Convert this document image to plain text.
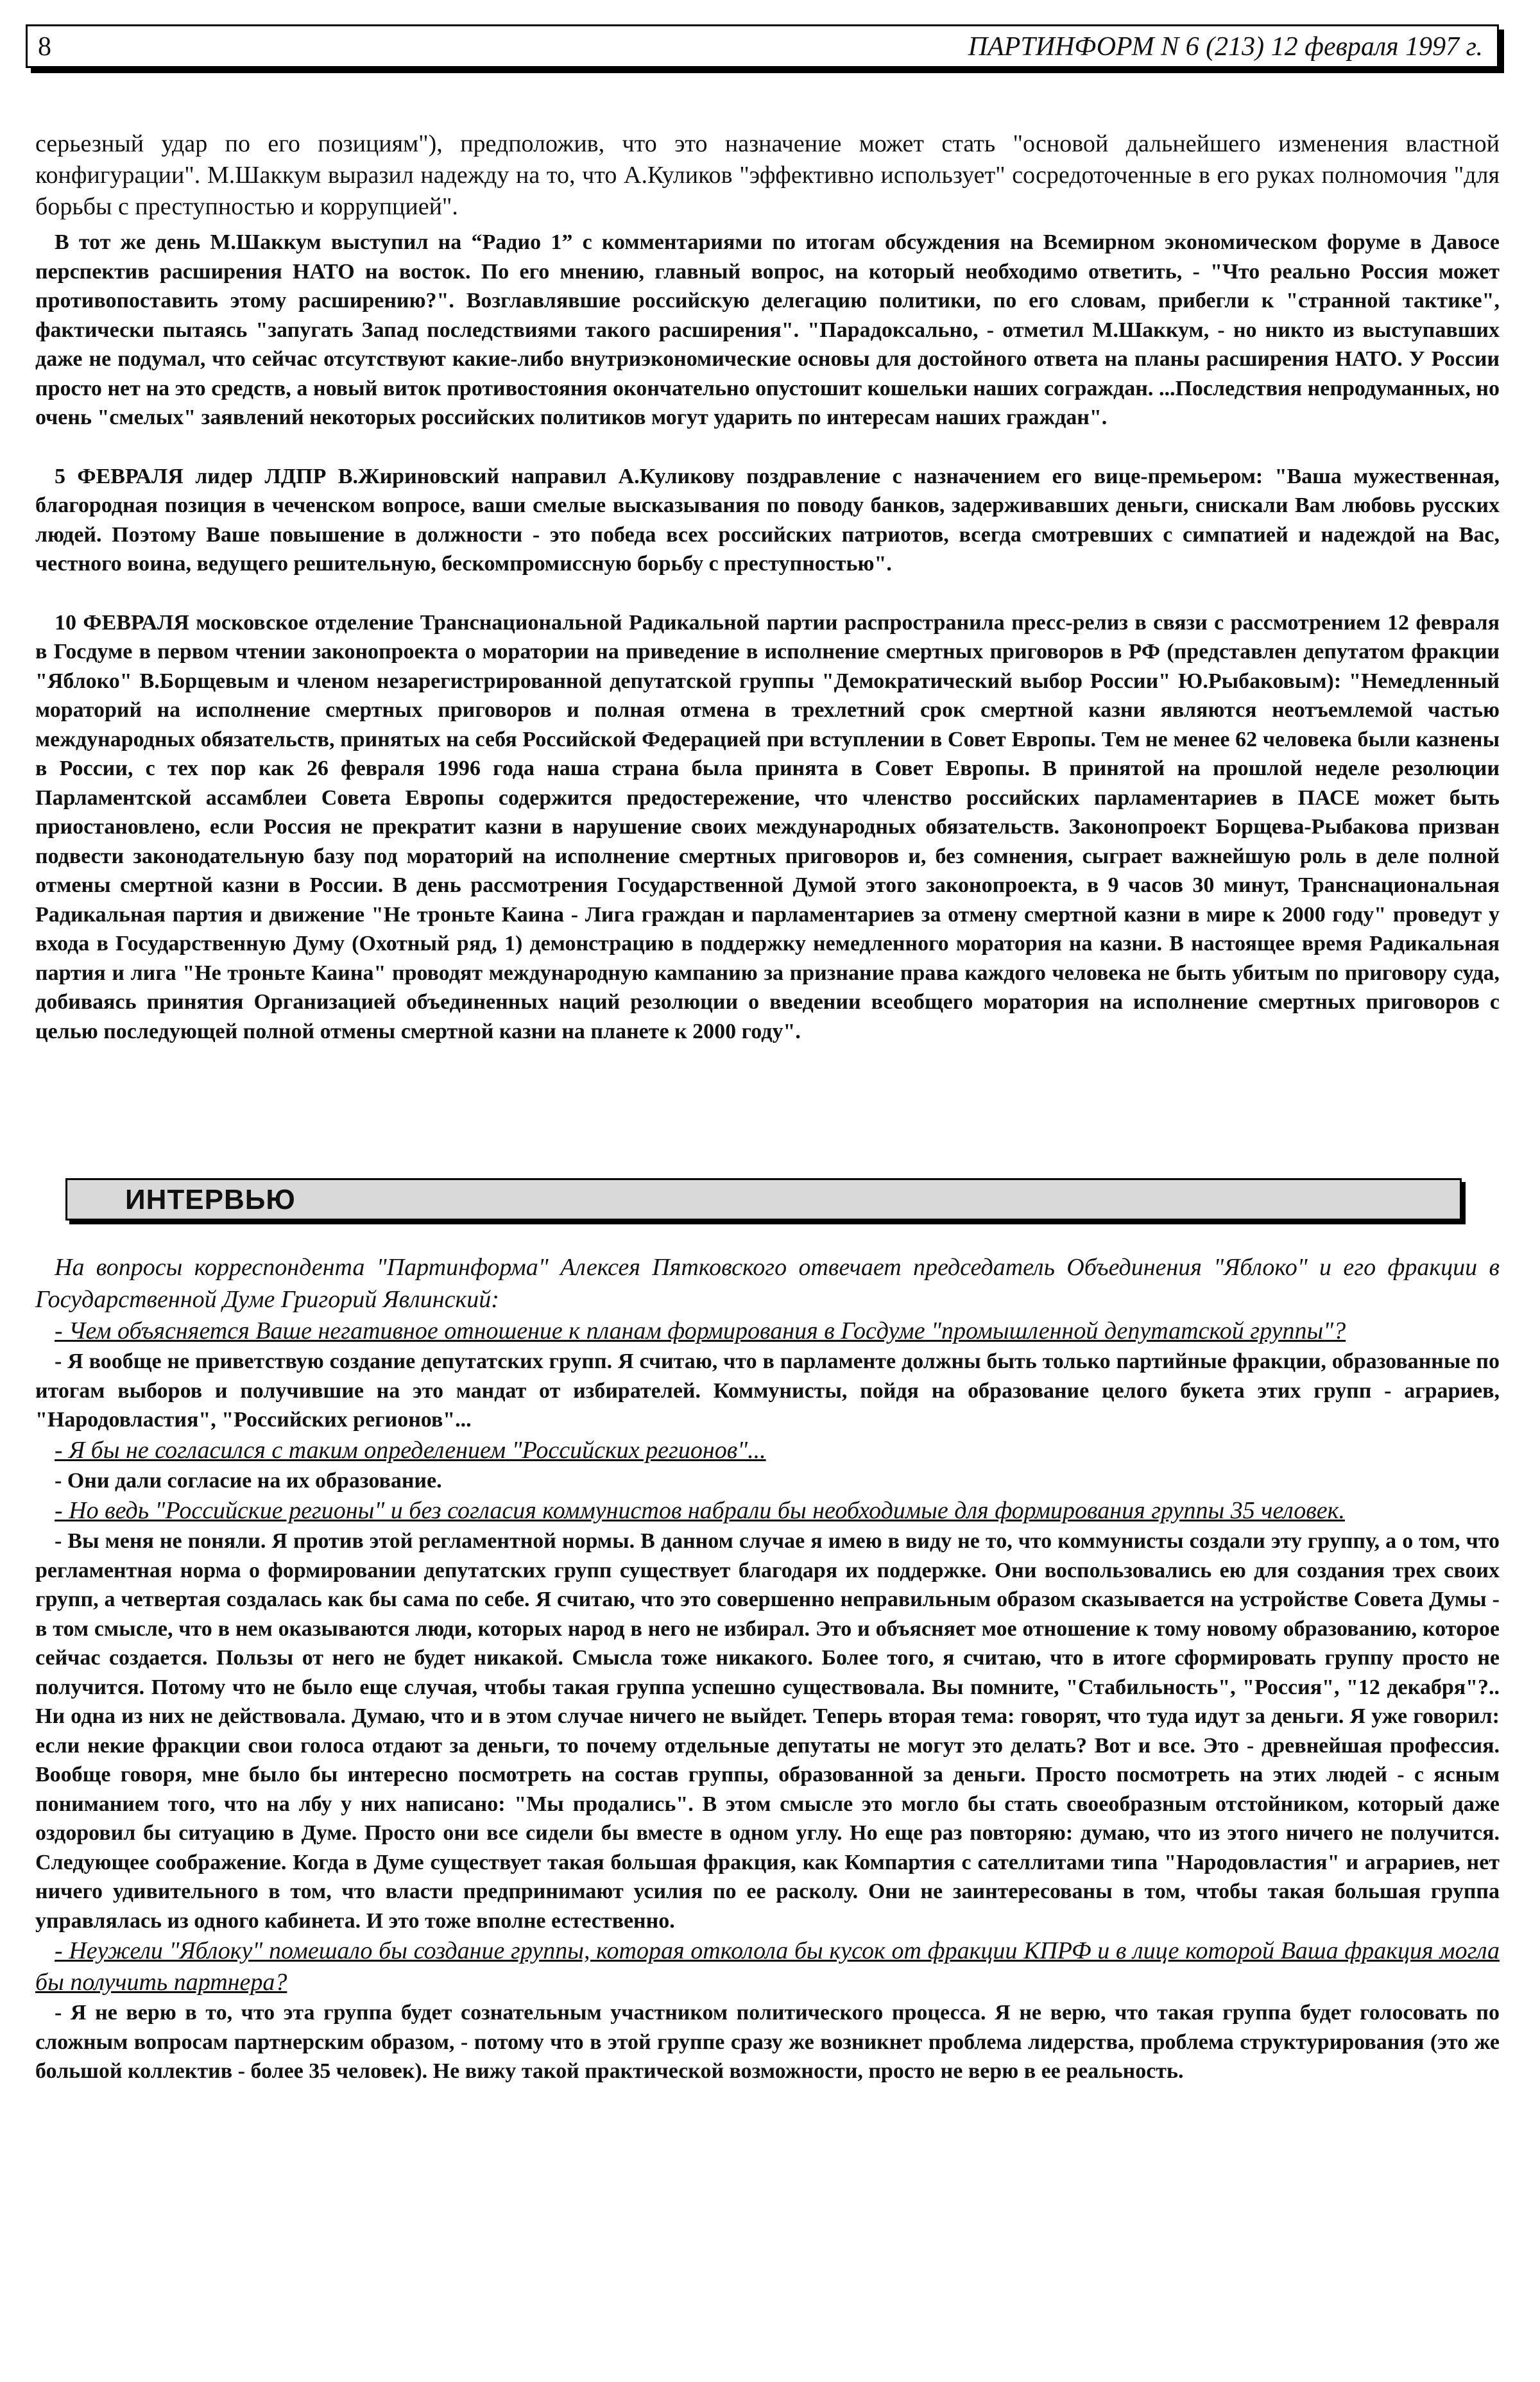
8	ПАРТИНФОРМ N 6 (213) 12 февраля 1997 г.

серьезный удар по его позициям"), предположив, что это назначение может стать "основой дальнейшего изменения властной конфигурации". М.Шаккум выразил надежду на то, что А.Куликов "эффективно использует" сосредоточенные в его руках полномочия "для борьбы с преступностью и коррупцией".

В тот же день М.Шаккум выступил на “Радио 1” с комментариями по итогам обсуждения на Всемирном экономическом форуме в Давосе перспектив расширения НАТО на восток. По его мнению, главный вопрос, на который необходимо ответить, - "Что реально Россия может противопоставить этому расширению?". Возглавлявшие российскую делегацию политики, по его словам, прибегли к "странной тактике", фактически пытаясь "запугать Запад последствиями такого расширения". "Парадоксально, - отметил М.Шаккум, - но никто из выступавших даже не подумал, что сейчас отсутствуют какие-либо внутриэкономические основы для достойного ответа на планы расширения НАТО. У России просто нет на это средств, а новый виток противостояния окончательно опустошит кошельки наших сограждан. ...Последствия непродуманных, но очень "смелых" заявлений некоторых российских политиков могут ударить по интересам наших граждан".

5 ФЕВРАЛЯ лидер ЛДПР В.Жириновский направил А.Куликову поздравление с назначением его вице-премьером: "Ваша мужественная, благородная позиция в чеченском вопросе, ваши смелые высказывания по поводу банков, задерживавших деньги, снискали Вам любовь русских людей. Поэтому Ваше повышение в должности - это победа всех российских патриотов, всегда смотревших с симпатией и надеждой на Вас, честного воина, ведущего решительную, бескомпромиссную борьбу с преступностью".

10 ФЕВРАЛЯ московское отделение Транснациональной Радикальной партии распространила пресс-релиз в связи с рассмотрением 12 февраля в Госдуме в первом чтении законопроекта о моратории на приведение в исполнение смертных приговоров в РФ (представлен депутатом фракции "Яблоко" В.Борщевым и членом незарегистрированной депутатской группы "Демократический выбор России" Ю.Рыбаковым): "Немедленный мораторий на исполнение смертных приговоров и полная отмена в трехлетний срок смертной казни являются неотъемлемой частью международных обязательств, принятых на себя Российской Федерацией при вступлении в Совет Европы. Тем не менее 62 человека были казнены в России, с тех пор как 26 февраля 1996 года наша страна была принята в Совет Европы. В принятой на прошлой неделе резолюции Парламентской ассамблеи Совета Европы содержится предостережение, что членство российских парламентариев в ПАСЕ может быть приостановлено, если Россия не прекратит казни в нарушение своих международных обязательств. Законопроект Борщева-Рыбакова призван подвести законодательную базу под мораторий на исполнение смертных приговоров и, без сомнения, сыграет важнейшую роль в деле полной отмены смертной казни в России. В день рассмотрения Государственной Думой этого законопроекта, в 9 часов 30 минут, Транснациональная Радикальная партия и движение "Не троньте Каина - Лига граждан и парламентариев за отмену смертной казни в мире к 2000 году" проведут у входа в Государственную Думу (Охотный ряд, 1) демонстрацию в поддержку немедленного моратория на казни. В настоящее время Радикальная партия и лига "Не троньте Каина" проводят международную кампанию за признание права каждого человека не быть убитым по приговору суда, добиваясь принятия Организацией объединенных наций резолюции о введении всеобщего моратория на исполнение смертных приговоров с целью последующей полной отмены смертной казни на планете к 2000 году".

ИНТЕРВЬЮ

На вопросы корреспондента "Партинформа" Алексея Пятковского отвечает председатель Объединения "Яблоко" и его фракции в Государственной Думе Григорий Явлинский:

- Чем объясняется Ваше негативное отношение к планам формирования в Госдуме "промышленной депутатской группы"?

- Я вообще не приветствую создание депутатских групп. Я считаю, что в парламенте должны быть только партийные фракции, образованные по итогам выборов и получившие на это мандат от избирателей. Коммунисты, пойдя на образование целого букета этих групп - аграриев, "Народовластия", "Российских регионов"...

- Я бы не согласился с таким определением "Российских регионов"...

- Они дали согласие на их образование.

- Но ведь "Российские регионы" и без согласия коммунистов набрали бы необходимые для формирования группы 35 человек.

- Вы меня не поняли. Я против этой регламентной нормы. В данном случае я имею в виду не то, что коммунисты создали эту группу, а о том, что регламентная норма о формировании депутатских групп существует благодаря их поддержке. Они воспользовались ею для создания трех своих групп, а четвертая создалась как бы сама по себе. Я считаю, что это совершенно неправильным образом сказывается на устройстве Совета Думы - в том смысле, что в нем оказываются люди, которых народ в него не избирал. Это и объясняет мое отношение к тому новому образованию, которое сейчас создается. Пользы от него не будет никакой. Смысла тоже никакого. Более того, я считаю, что в итоге сформировать группу просто не получится. Потому что не было еще случая, чтобы такая группа успешно существовала. Вы помните, "Стабильность", "Россия", "12 декабря"?.. Ни одна из них не действовала. Думаю, что и в этом случае ничего не выйдет. Теперь вторая тема: говорят, что туда идут за деньги. Я уже говорил: если некие фракции свои голоса отдают за деньги, то почему отдельные депутаты не могут это делать? Вот и все. Это - древнейшая профессия. Вообще говоря, мне было бы интересно посмотреть на состав группы, образованной за деньги. Просто посмотреть на этих людей - с ясным пониманием того, что на лбу у них написано: "Мы продались". В этом смысле это могло бы стать своеобразным отстойником, который даже оздоровил бы ситуацию в Думе. Просто они все сидели бы вместе в одном углу. Но еще раз повторяю: думаю, что из этого ничего не получится. Следующее соображение. Когда в Думе существует такая большая фракция, как Компартия с сателлитами типа "Народовластия" и аграриев, нет ничего удивительного в том, что власти предпринимают усилия по ее расколу. Они не заинтересованы в том, чтобы такая большая группа управлялась из одного кабинета. И это тоже вполне естественно.

- Неужели "Яблоку" помешало бы создание группы, которая отколола бы кусок от фракции КПРФ и в лице которой Ваша фракция могла бы получить партнера?

- Я не верю в то, что эта группа будет сознательным участником политического процесса. Я не верю, что такая группа будет голосовать по сложным вопросам партнерским образом, - потому что в этой группе сразу же возникнет проблема лидерства, проблема структурирования (это же большой коллектив - более 35 человек). Не вижу такой практической возможности, просто не верю в ее реальность.
